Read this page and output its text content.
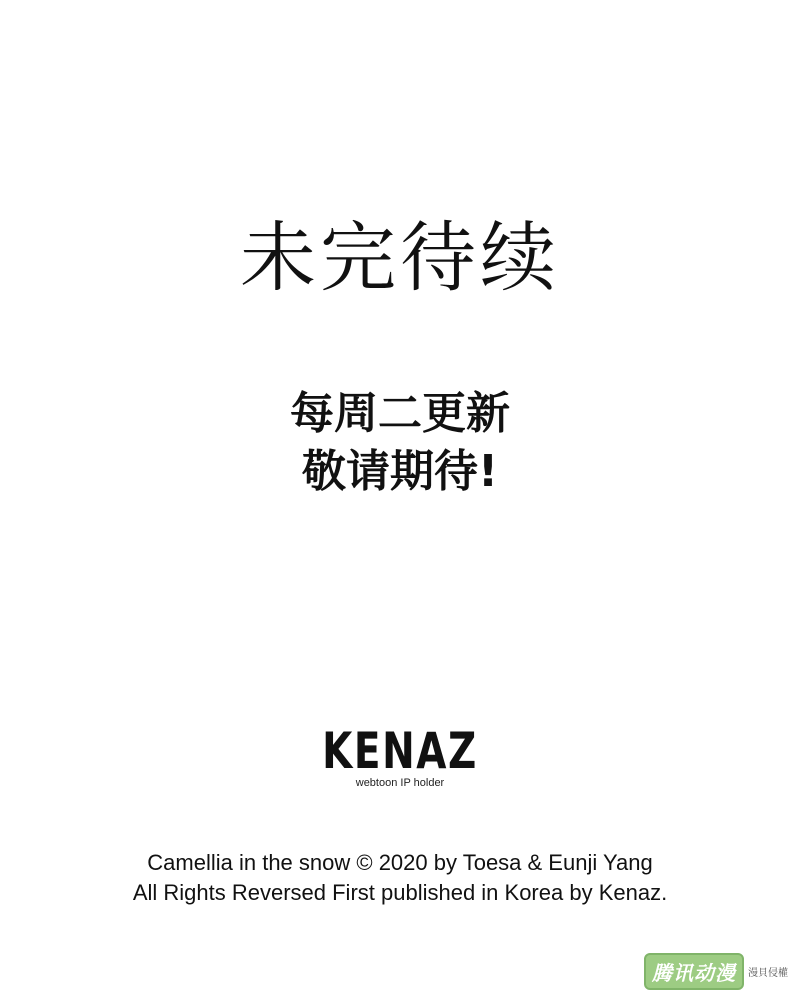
未完待续
每周二更新
敬请期待!
KENAZ
webtoon IP holder
Camellia in the snow © 2020 by Toesa & Eunji Yang
All Rights Reversed First published in Korea by Kenaz.
腾讯动漫	漫貝侵權
